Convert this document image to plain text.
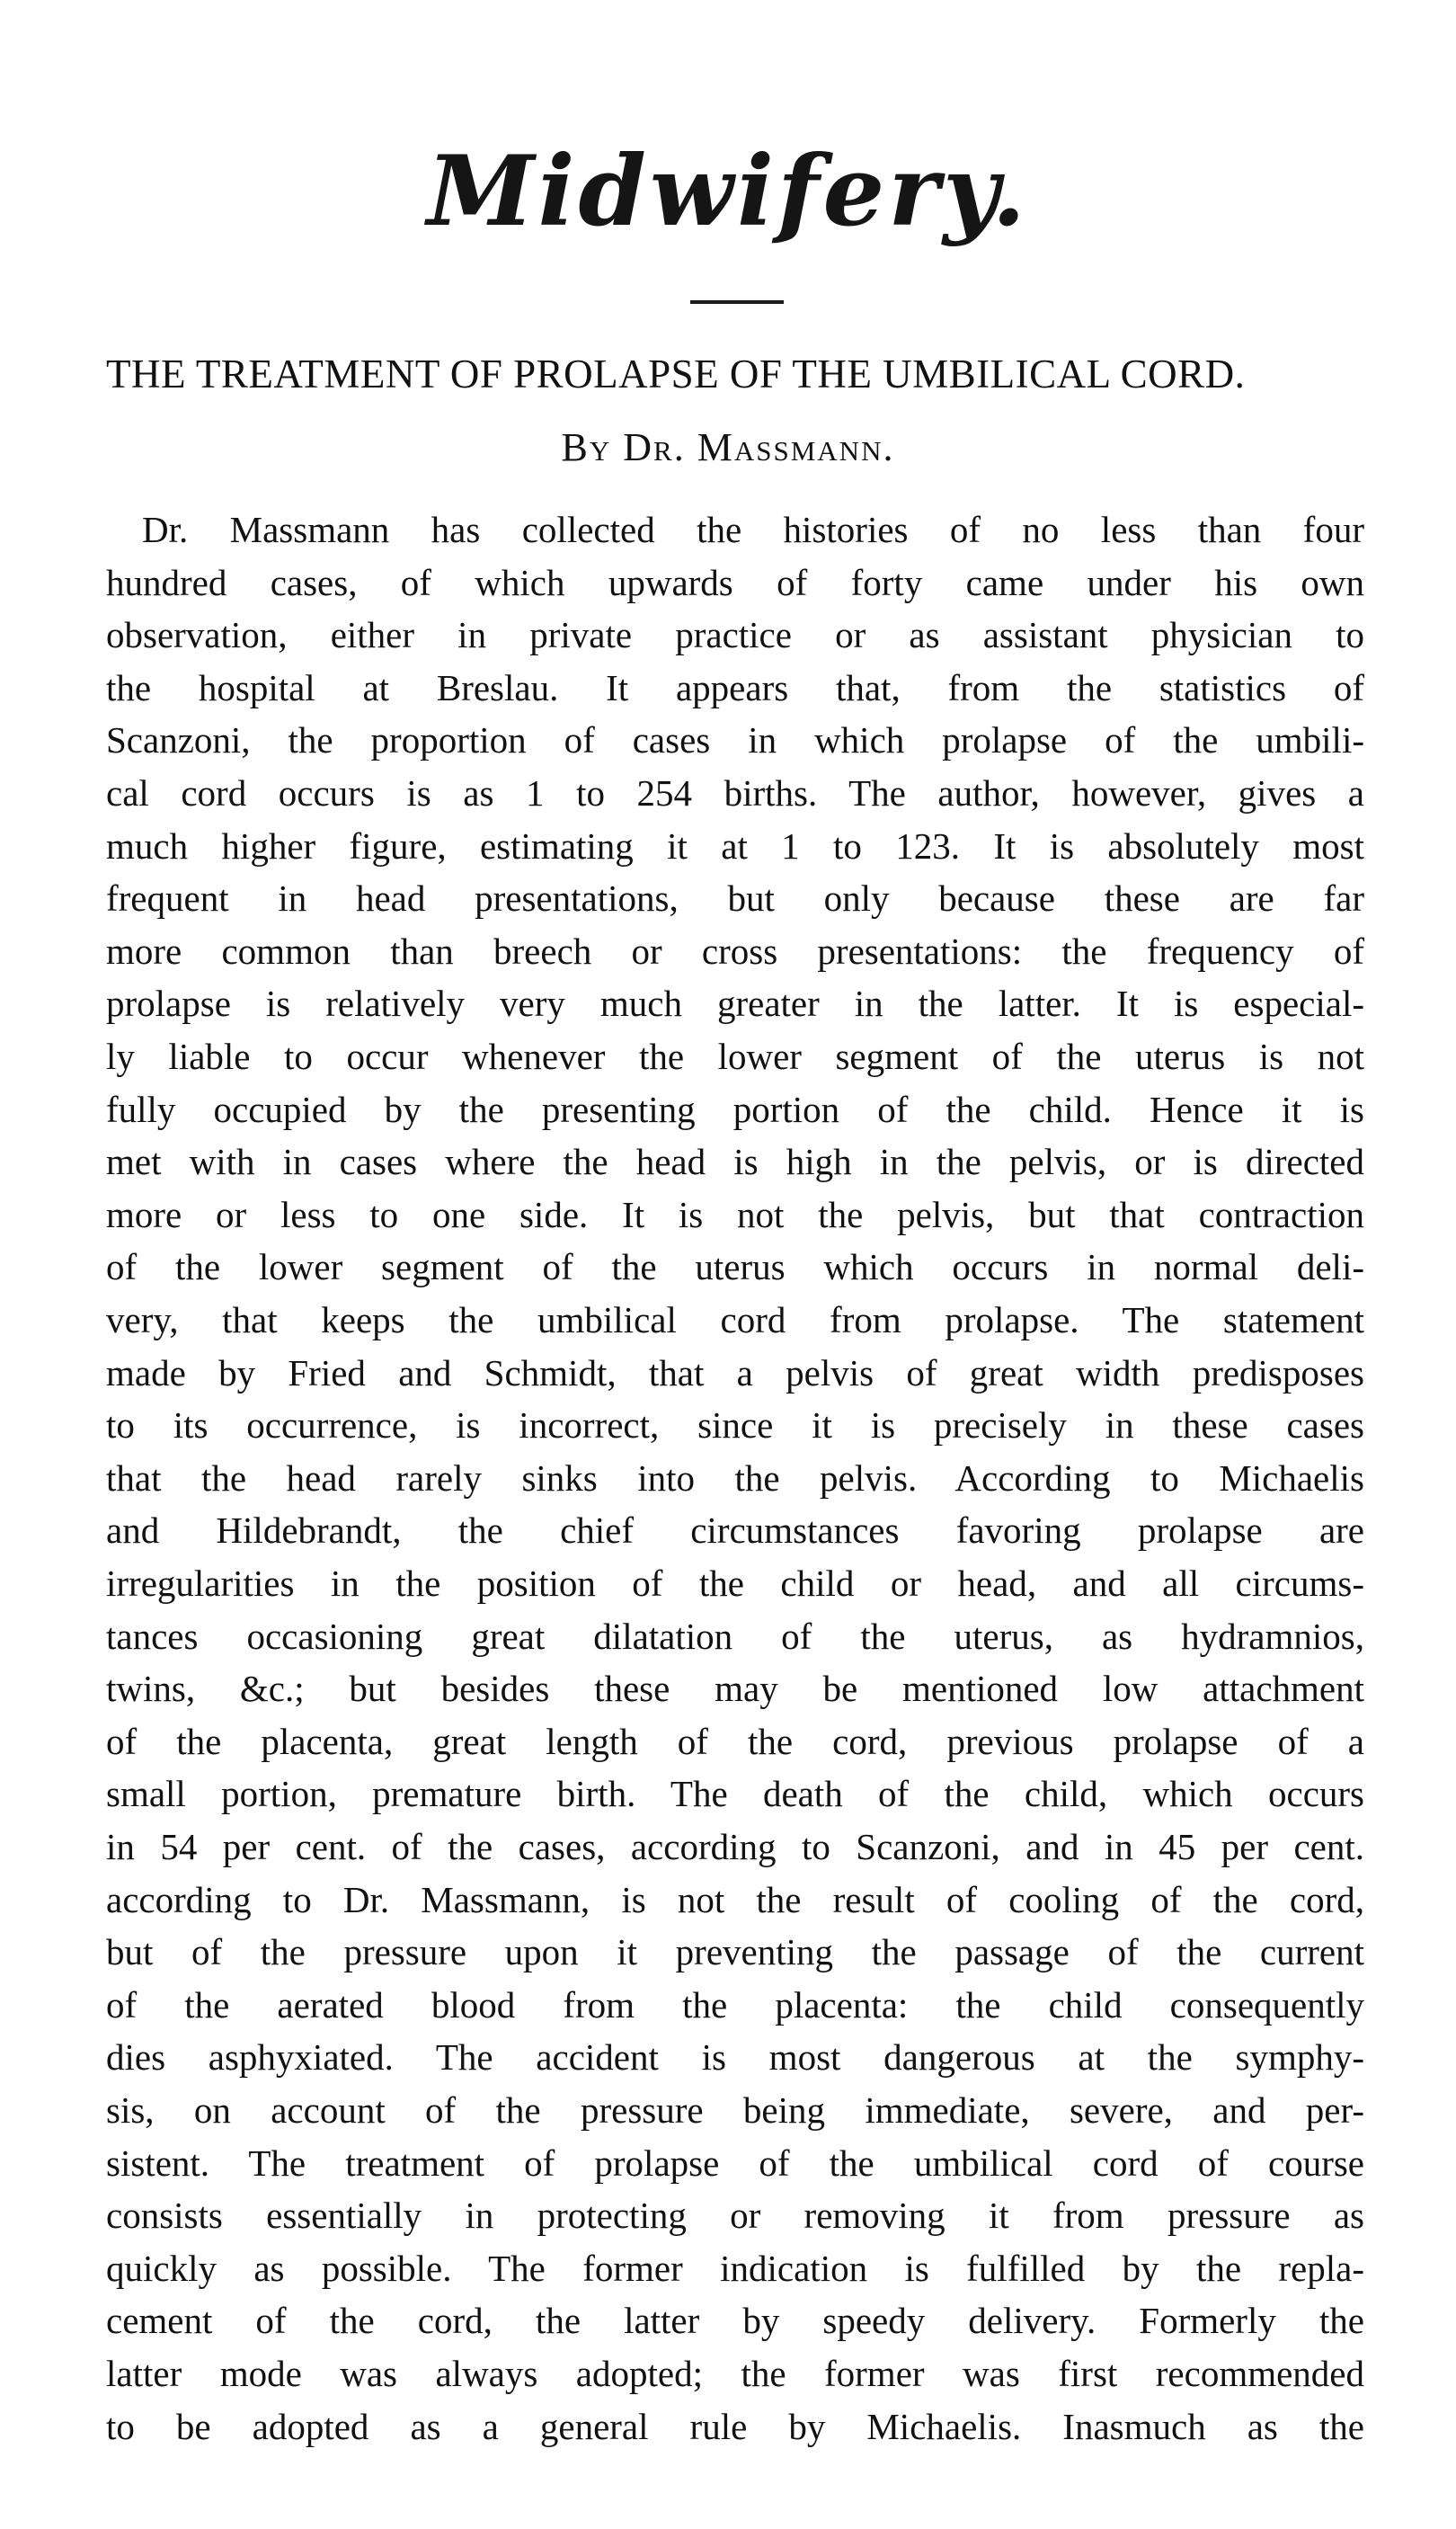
Midwifery.
THE TREATMENT OF PROLAPSE OF THE UMBILICAL CORD.
By Dr. Massmann.
Dr. Massmann has collected the histories of no less than four
hundred cases, of which upwards of forty came under his own
observation, either in private practice or as assistant physician to
the hospital at Breslau. It appears that, from the statistics of
Scanzoni, the proportion of cases in which prolapse of the umbili-
cal cord occurs is as 1 to 254 births. The author, however, gives a
much higher figure, estimating it at 1 to 123. It is absolutely most
frequent in head presentations, but only because these are far
more common than breech or cross presentations: the frequency of
prolapse is relatively very much greater in the latter. It is especial-
ly liable to occur whenever the lower segment of the uterus is not
fully occupied by the presenting portion of the child. Hence it is
met with in cases where the head is high in the pelvis, or is directed
more or less to one side. It is not the pelvis, but that contraction
of the lower segment of the uterus which occurs in normal deli-
very, that keeps the umbilical cord from prolapse. The statement
made by Fried and Schmidt, that a pelvis of great width predisposes
to its occurrence, is incorrect, since it is precisely in these cases
that the head rarely sinks into the pelvis. According to Michaelis
and Hildebrandt, the chief circumstances favoring prolapse are
irregularities in the position of the child or head, and all circums-
tances occasioning great dilatation of the uterus, as hydramnios,
twins, &c.; but besides these may be mentioned low attachment
of the placenta, great length of the cord, previous prolapse of a
small portion, premature birth. The death of the child, which occurs
in 54 per cent. of the cases, according to Scanzoni, and in 45 per cent.
according to Dr. Massmann, is not the result of cooling of the cord,
but of the pressure upon it preventing the passage of the current
of the aerated blood from the placenta: the child consequently
dies asphyxiated. The accident is most dangerous at the symphy-
sis, on account of the pressure being immediate, severe, and per-
sistent. The treatment of prolapse of the umbilical cord of course
consists essentially in protecting or removing it from pressure as
quickly as possible. The former indication is fulfilled by the repla-
cement of the cord, the latter by speedy delivery. Formerly the
latter mode was always adopted; the former was first recommended
to be adopted as a general rule by Michaelis. Inasmuch as the
